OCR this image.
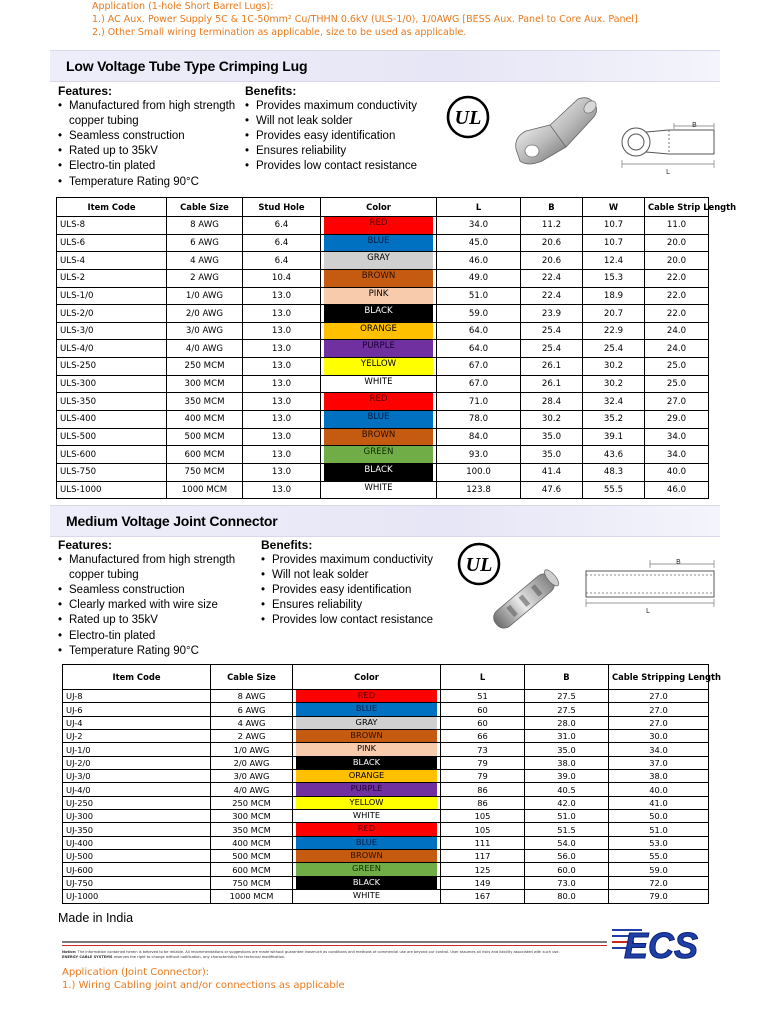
Application (1-hole Short Barrel Lugs):
1.) AC Aux. Power Supply 5C & 1C-50mm² Cu/THHN 0.6kV (ULS-1/0), 1/0AWG [BESS Aux. Panel to Core Aux. Panel]
2.) Other Small wiring termination as applicable, size to be used as applicable.
Low Voltage Tube Type Crimping Lug
Features:
• Manufactured from high strength copper tubing
• Seamless construction
• Rated up to 35kV
• Electro-tin plated
• Temperature Rating 90°C
Benefits:
• Provides maximum conductivity
• Will not leak solder
• Provides easy identification
• Ensures reliability
• Provides low contact resistance
UL	B
L
Item Code	Cable Size	Stud Hole	Color	L	B	W	Cable Strip Length
ULS-8	8 AWG	6.4	RED	34.0	11.2	10.7	11.0
ULS-6	6 AWG	6.4	BLUE	45.0	20.6	10.7	20.0
ULS-4	4 AWG	6.4	GRAY	46.0	20.6	12.4	20.0
ULS-2	2 AWG	10.4	BROWN	49.0	22.4	15.3	22.0
ULS-1/0	1/0 AWG	13.0	PINK	51.0	22.4	18.9	22.0
ULS-2/0	2/0 AWG	13.0	BLACK	59.0	23.9	20.7	22.0
ULS-3/0	3/0 AWG	13.0	ORANGE	64.0	25.4	22.9	24.0
ULS-4/0	4/0 AWG	13.0	PURPLE	64.0	25.4	25.4	24.0
ULS-250	250 MCM	13.0	YELLOW	67.0	26.1	30.2	25.0
ULS-300	300 MCM	13.0	WHITE	67.0	26.1	30.2	25.0
ULS-350	350 MCM	13.0	RED	71.0	28.4	32.4	27.0
ULS-400	400 MCM	13.0	BLUE	78.0	30.2	35.2	29.0
ULS-500	500 MCM	13.0	BROWN	84.0	35.0	39.1	34.0
ULS-600	600 MCM	13.0	GREEN	93.0	35.0	43.6	34.0
ULS-750	750 MCM	13.0	BLACK	100.0	41.4	48.3	40.0
ULS-1000	1000 MCM	13.0	WHITE	123.8	47.6	55.5	46.0
Medium Voltage Joint Connector
Features:
• Manufactured from high strength copper tubing
• Seamless construction
• Clearly marked with wire size
• Rated up to 35kV
• Electro-tin plated
• Temperature Rating 90°C
Benefits:
• Provides maximum conductivity
• Will not leak solder
• Provides easy identification
• Ensures reliability
• Provides low contact resistance
UL	B
L
Item Code	Cable Size	Color	L	B	Cable Stripping Length
UJ-8	8 AWG	RED	51	27.5	27.0
UJ-6	6 AWG	BLUE	60	27.5	27.0
UJ-4	4 AWG	GRAY	60	28.0	27.0
UJ-2	2 AWG	BROWN	66	31.0	30.0
UJ-1/0	1/0 AWG	PINK	73	35.0	34.0
UJ-2/0	2/0 AWG	BLACK	79	38.0	37.0
UJ-3/0	3/0 AWG	ORANGE	79	39.0	38.0
UJ-4/0	4/0 AWG	PURPLE	86	40.5	40.0
UJ-250	250 MCM	YELLOW	86	42.0	41.0
UJ-300	300 MCM	WHITE	105	51.0	50.0
UJ-350	350 MCM	RED	105	51.5	51.0
UJ-400	400 MCM	BLUE	111	54.0	53.0
UJ-500	500 MCM	BROWN	117	56.0	55.0
UJ-600	600 MCM	GREEN	125	60.0	59.0
UJ-750	750 MCM	BLACK	149	73.0	72.0
UJ-1000	1000 MCM	WHITE	167	80.0	79.0
Made in India
Notice: The information contained herein is believed to be reliable. All recommendations or suggestions are made without guarantee inasmuch as conditions and methods of commercial use are beyond our control. User assumes all risks and liability associated with such use.
ENERGY CABLE SYSTEMS reserves the right to change without notification, any characteristics for technical modification.	ECS
Application (Joint Connector):
1.) Wiring Cabling joint and/or connections as applicable
